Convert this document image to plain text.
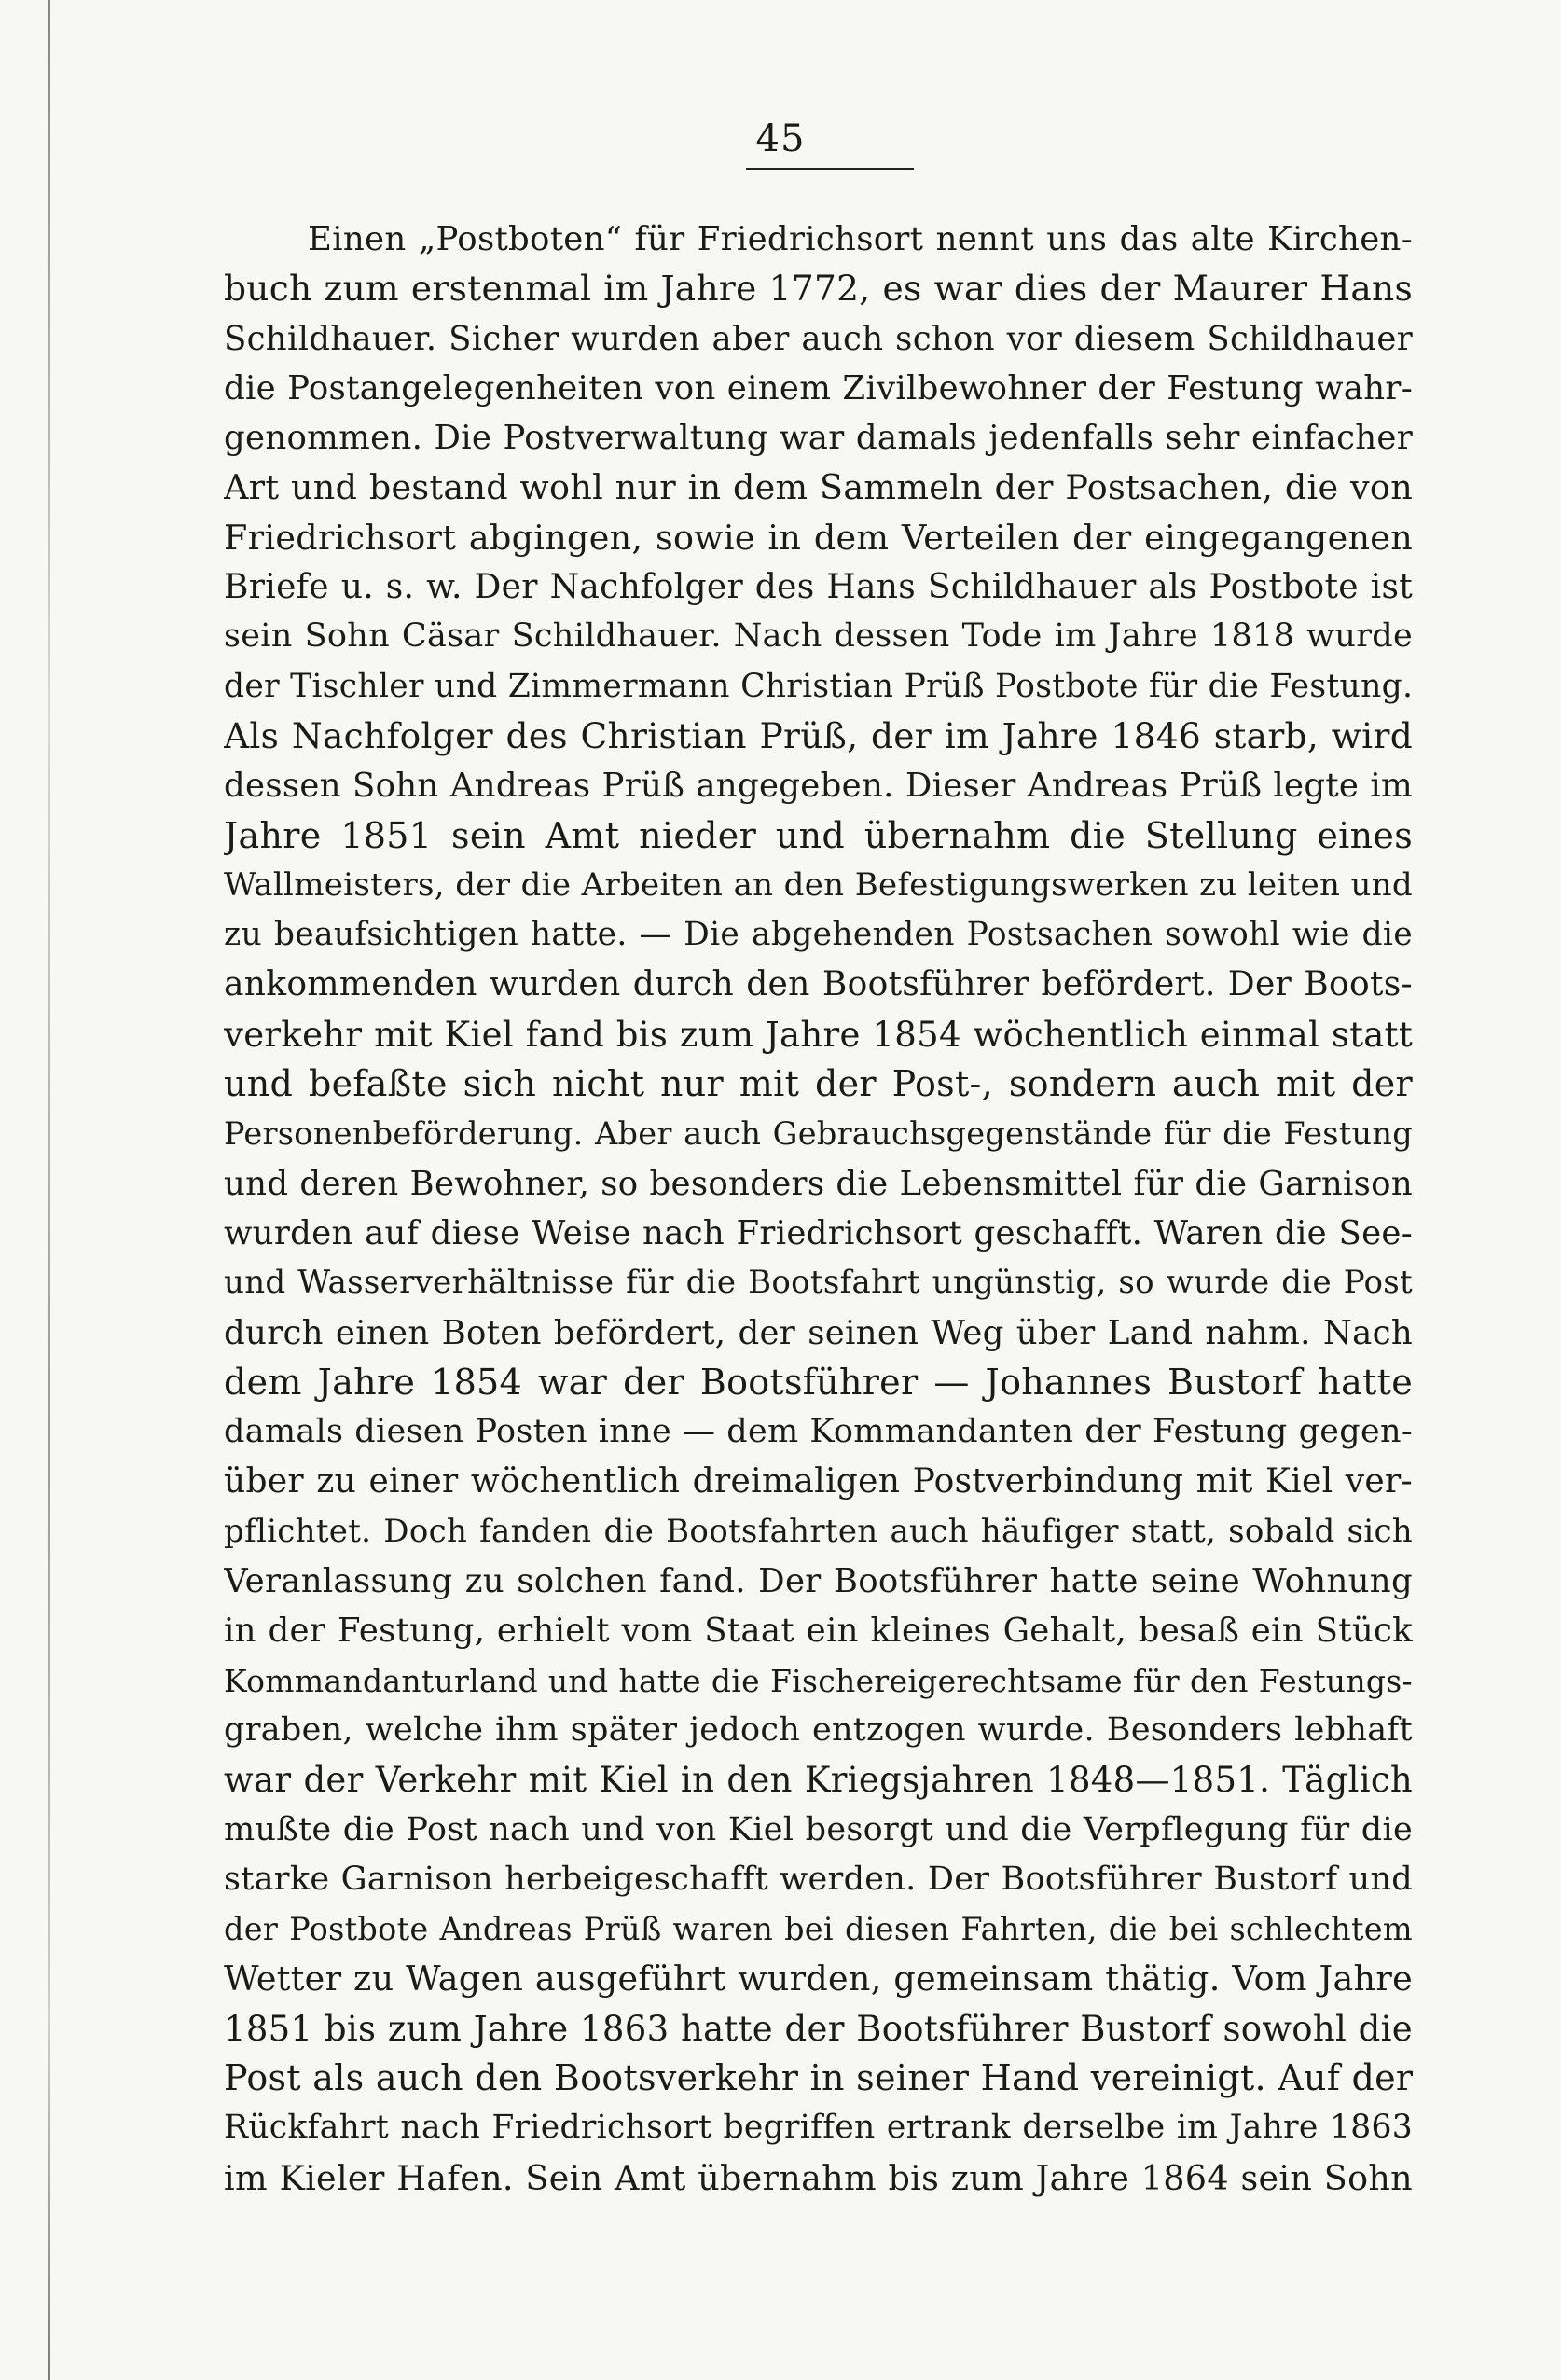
45
Einen „Postboten“ für Friedrichsort nennt uns das alte Kirchen-
buch zum erstenmal im Jahre 1772, es war dies der Maurer Hans
Schildhauer. Sicher wurden aber auch schon vor diesem Schildhauer
die Postangelegenheiten von einem Zivilbewohner der Festung wahr-
genommen. Die Postverwaltung war damals jedenfalls sehr einfacher
Art und bestand wohl nur in dem Sammeln der Postsachen, die von
Friedrichsort abgingen, sowie in dem Verteilen der eingegangenen
Briefe u. s. w. Der Nachfolger des Hans Schildhauer als Postbote ist
sein Sohn Cäsar Schildhauer. Nach dessen Tode im Jahre 1818 wurde
der Tischler und Zimmermann Christian Prüß Postbote für die Festung.
Als Nachfolger des Christian Prüß, der im Jahre 1846 starb, wird
dessen Sohn Andreas Prüß angegeben. Dieser Andreas Prüß legte im
Jahre 1851 sein Amt nieder und übernahm die Stellung eines
Wallmeisters, der die Arbeiten an den Befestigungswerken zu leiten und
zu beaufsichtigen hatte. — Die abgehenden Postsachen sowohl wie die
ankommenden wurden durch den Bootsführer befördert. Der Boots-
verkehr mit Kiel fand bis zum Jahre 1854 wöchentlich einmal statt
und befaßte sich nicht nur mit der Post-, sondern auch mit der
Personenbeförderung. Aber auch Gebrauchsgegenstände für die Festung
und deren Bewohner, so besonders die Lebensmittel für die Garnison
wurden auf diese Weise nach Friedrichsort geschafft. Waren die See-
und Wasserverhältnisse für die Bootsfahrt ungünstig, so wurde die Post
durch einen Boten befördert, der seinen Weg über Land nahm. Nach
dem Jahre 1854 war der Bootsführer — Johannes Bustorf hatte
damals diesen Posten inne — dem Kommandanten der Festung gegen-
über zu einer wöchentlich dreimaligen Postverbindung mit Kiel ver-
pflichtet. Doch fanden die Bootsfahrten auch häufiger statt, sobald sich
Veranlassung zu solchen fand. Der Bootsführer hatte seine Wohnung
in der Festung, erhielt vom Staat ein kleines Gehalt, besaß ein Stück
Kommandanturland und hatte die Fischereigerechtsame für den Festungs-
graben, welche ihm später jedoch entzogen wurde. Besonders lebhaft
war der Verkehr mit Kiel in den Kriegsjahren 1848—1851. Täglich
mußte die Post nach und von Kiel besorgt und die Verpflegung für die
starke Garnison herbeigeschafft werden. Der Bootsführer Bustorf und
der Postbote Andreas Prüß waren bei diesen Fahrten, die bei schlechtem
Wetter zu Wagen ausgeführt wurden, gemeinsam thätig. Vom Jahre
1851 bis zum Jahre 1863 hatte der Bootsführer Bustorf sowohl die
Post als auch den Bootsverkehr in seiner Hand vereinigt. Auf der
Rückfahrt nach Friedrichsort begriffen ertrank derselbe im Jahre 1863
im Kieler Hafen. Sein Amt übernahm bis zum Jahre 1864 sein Sohn
